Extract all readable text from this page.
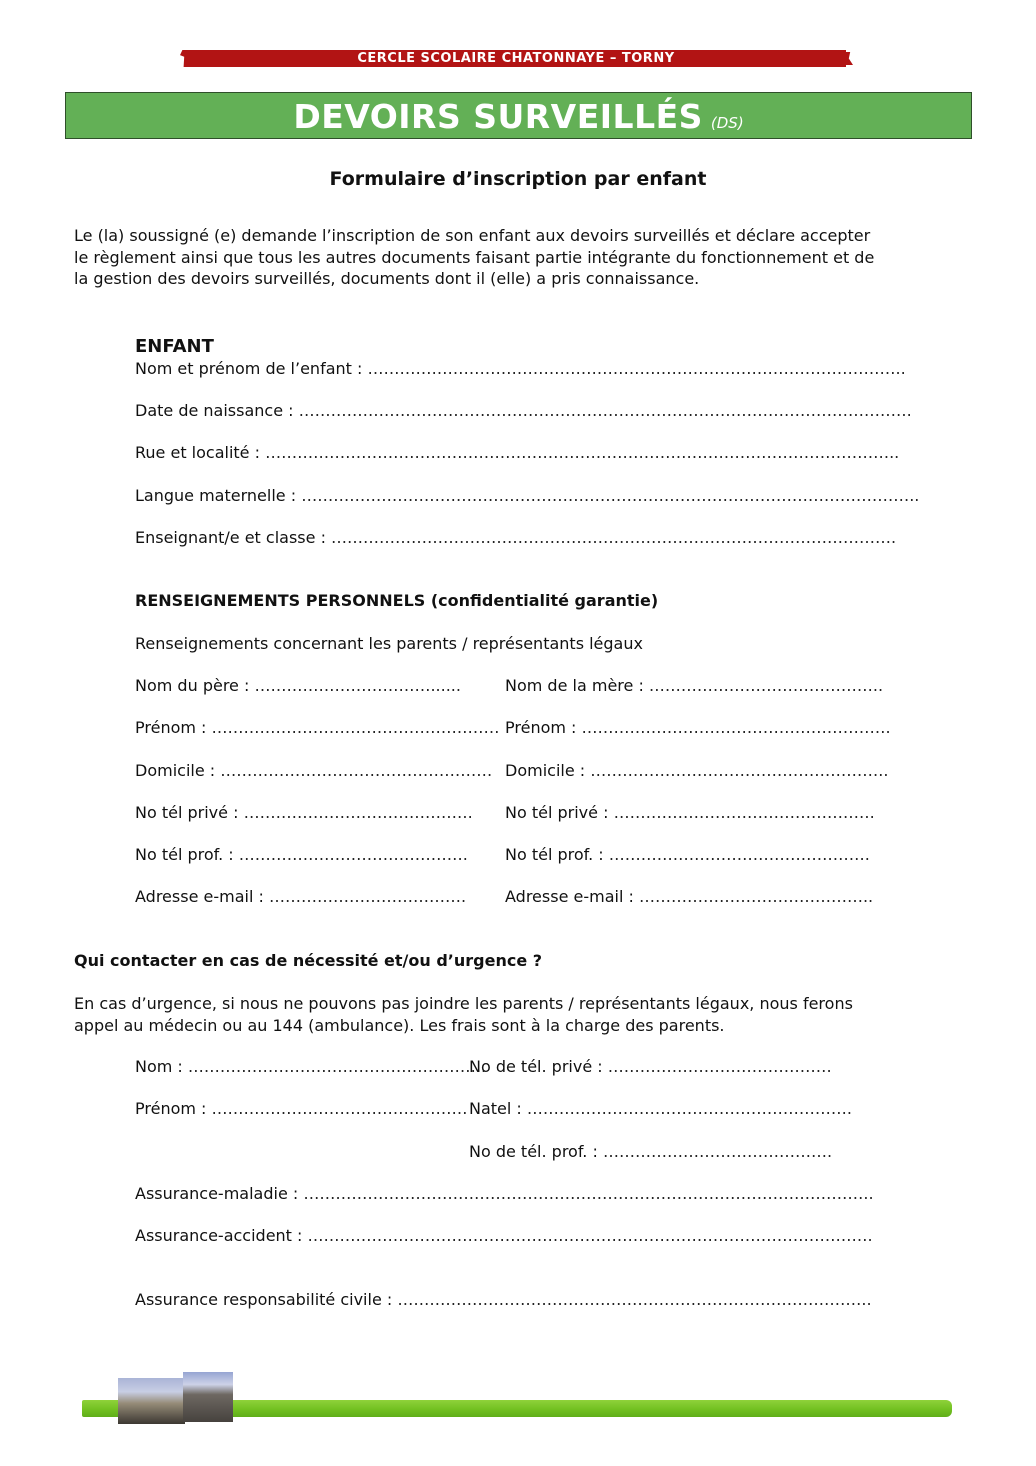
CERCLE SCOLAIRE CHATONNAYE – TORNY
DEVOIRS SURVEILLÉS (DS)
Formulaire d’inscription par enfant
Le (la) soussigné (e) demande l’inscription de son enfant aux devoirs surveillés et déclare accepter
le règlement ainsi que tous les autres documents faisant partie intégrante du fonctionnement et de
la gestion des devoirs surveillés, documents dont il (elle) a pris connaissance.
ENFANT
Nom et prénom de l’enfant : ………………………………………………………………………………………..
Date de naissance : …………………………………………………………………………………………………….
Rue et localité : ………………………………………………………………………………………………………..
Langue maternelle : ……………………………………………………………………………………………………..
Enseignant/e et classe : …………………………………………………………………………………………….
RENSEIGNEMENTS PERSONNELS (confidentialité garantie)
Renseignements concernant les parents / représentants légaux
Nom du père : ……………………………......
Prénom : ………………………………………………
Domicile : ……………………………………………
No tél privé : …………………………………….
No tél prof. : …………………………………….
Adresse e-mail : ……………………………….
Nom de la mère : ……………………………………..
Prénom : ………………………………………………….
Domicile : ………………………………………………..
No tél privé : ………………………………………….
No tél prof. : ………………………………………….
Adresse e-mail : ……………………………………..
Qui contacter en cas de nécessité et/ou d’urgence ?
En cas d’urgence, si nous ne pouvons pas joindre les parents / représentants légaux, nous ferons
appel au médecin ou au 144 (ambulance). Les frais sont à la charge des parents.
Nom : ………………………………………………..
Prénom : …………………………………………
No de tél. privé : ……………………………………
Natel : …………………………………………………….
No de tél. prof. : …………………………………….
Assurance-maladie : ……………………………………………………………………………………………..
Assurance-accident : …………………………………………………………………………………………….
Assurance responsabilité civile : ……………………………………………………………………………..
